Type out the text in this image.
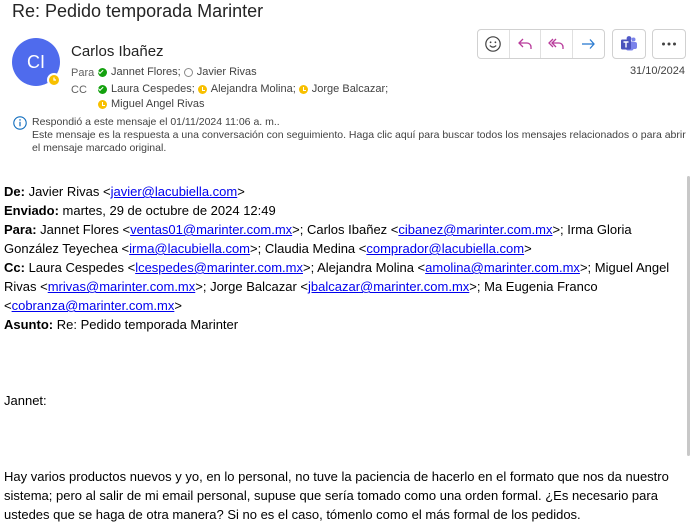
Re: Pedido temporada Marinter
CI Carlos Ibañez
Para	Jannet Flores; Javier Rivas
CC	Laura Cespedes; Alejandra Molina; Jorge Balcazar;
Miguel Angel Rivas
31/10/2024
Respondió a este mensaje el 01/11/2024 11:06 a. m..
Este mensaje es la respuesta a una conversación con seguimiento. Haga clic aquí para buscar todos los mensajes relacionados o para abrir el mensaje marcado original.

De: Javier Rivas <javier@lacubiella.com>

Enviado: martes, 29 de octubre de 2024 12:49

Para: Jannet Flores <ventas01@marinter.com.mx>; Carlos Ibañez <cibanez@marinter.com.mx>; Irma Gloria González Teyechea <irma@lacubiella.com>; Claudia Medina <comprador@lacubiella.com>

Cc: Laura Cespedes <lcespedes@marinter.com.mx>; Alejandra Molina <amolina@marinter.com.mx>; Miguel Angel Rivas <mrivas@marinter.com.mx>; Jorge Balcazar <jbalcazar@marinter.com.mx>; Ma Eugenia Franco <cobranza@marinter.com.mx>

Asunto: Re: Pedido temporada Marinter

Jannet:

Hay varios productos nuevos y yo, en lo personal, no tuve la paciencia de hacerlo en el formato que nos da nuestro sistema; pero al salir de mi email personal, supuse que sería tomado como una orden formal. ¿Es necesario para ustedes que se haga de otra manera? Si no es el caso, tómenlo como el más formal de los pedidos.
